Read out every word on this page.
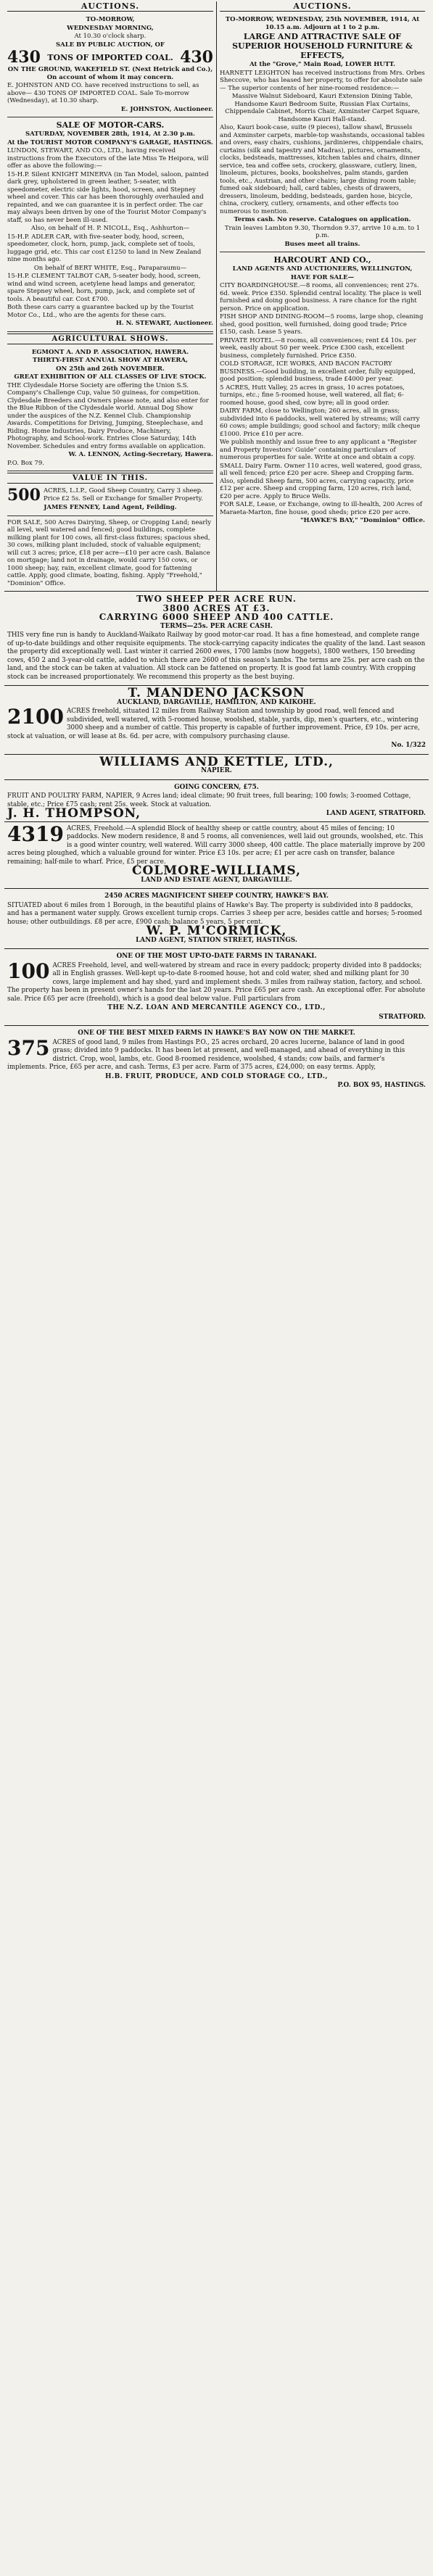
AUCTIONS.

TO-MORROW,

WEDNESDAY MORNING,

At 10.30 o'clock sharp.

SALE BY PUBLIC AUCTION, OF

430 TONS OF IMPORTED COAL. 430

ON THE GROUND, WAKEFIELD ST. (Next Hetrick and Co.), On account of whom it may concern.

E. JOHNSTON AND CO. have received instructions to sell, as above— 430 TONS OF IMPORTED COAL. Sale To-morrow (Wednesday), at 10.30 sharp.

E. JOHNSTON, Auctioneer.

SALE OF MOTOR-CARS.

SATURDAY, NOVEMBER 28th, 1914, At 2.30 p.m.

At the TOURIST MOTOR COMPANY'S GARAGE, HASTINGS.

LUNDON, STEWART, AND CO., LTD., having received instructions from the Executors of the late Miss Te Heipora, will offer as above the following:—

15-H.P. Silent KNIGHT MINERVA (in Tan Model, saloon, painted dark grey, upholstered in green leather, 5-seater, with speedometer, electric side lights, hood, screen, and Stepney wheel and cover. This car has been thoroughly overhauled and repainted, and we can guarantee it is in perfect order. The car may always been driven by one of the Tourist Motor Company's staff, so has never been ill-used.

Also, on behalf of H. P. NICOLL, Esq., Ashhurton—

15-H.P. ADLER CAR, with five-seater body, hood, screen, speedometer, clock, horn, pump, jack, complete set of tools, luggage grid, etc. This car cost £1250 to land in New Zealand nine months ago.

On behalf of BERT WHITE, Esq., Paraparaumu—

15-H.P. CLEMENT TALBOT CAR, 5-seater body, hood, screen, wind and wind screen, acetylene head lamps and generator, spare Stepney wheel, horn, pump, jack, and complete set of tools. A beautiful car. Cost £700.

Both these cars carry a guarantee backed up by the Tourist Motor Co., Ltd., who are the agents for these cars.

H. N. STEWART, Auctioneer.

AGRICULTURAL SHOWS.

EGMONT A. AND P. ASSOCIATION, HAWERA.

THIRTY-FIRST ANNUAL SHOW AT HAWERA,

ON 25th and 26th NOVEMBER.

GREAT EXHIBITION OF ALL CLASSES OF LIVE STOCK.

THE Clydesdale Horse Society are offering the Union S.S. Company's Challenge Cup, value 50 guineas, for competition. Clydesdale Breeders and Owners please note, and also enter for the Blue Ribbon of the Clydesdale world. Annual Dog Show under the auspices of the N.Z. Kennel Club. Championship Awards. Competitions for Driving, Jumping, Steeplechase, and Riding. Home Industries, Dairy Produce, Machinery, Photography, and School-work. Entries Close Saturday, 14th November. Schedules and entry forms available on application.

W. A. LENNON, Acting-Secretary, Hawera.

P.O. Box 79.

VALUE IN THIS.
500 ACRES, L.I.P., Good Sheep Country, Carry 3 sheep. Price £2 5s. Sell or Exchange for Smaller Property.

JAMES FENNEY, Land Agent, Feilding.

FOR SALE, 500 Acres Dairying, Sheep, or Cropping Land; nearly all level, well watered and fenced; good buildings, complete milking plant for 100 cows, all first-class fixtures; spacious shed, 30 cows, milking plant included, stock of valuable equipment; will cut 3 acres; price, £18 per acre—£10 per acre cash. Balance on mortgage; land not in drainage, would carry 150 cows, or 1000 sheep; hay, rain, excellent climate, good for fattening cattle. Apply, good climate, boating, fishing. Apply "Freehold," "Dominion" Office.

AUCTIONS.

TO-MORROW, WEDNESDAY, 25th NOVEMBER, 1914, At 10.15 a.m. Adjourn at 1 to 2 p.m.

LARGE AND ATTRACTIVE SALE OF SUPERIOR HOUSEHOLD FURNITURE & EFFECTS,

At the "Grove," Main Road, LOWER HUTT.

HARNETT LEIGHTON has received instructions from Mrs. Orbes Sheccove, who has leased her property, to offer for absolute sale— The superior contents of her nine-roomed residence:—

Massive Walnut Sideboard, Kauri Extension Dining Table, Handsome Kauri Bedroom Suite, Russian Flax Curtains, Chippendale Cabinet, Morris Chair, Axminster Carpet Square, Handsome Kauri Hall-stand.

Also, Kauri book-case, suite (9 pieces), tallow shawl, Brussels and Axminster carpets, marble-top washstands, occasional tables and overs, easy chairs, cushions, jardinieres, chippendale chairs, curtains (silk and tapestry and Madras), pictures, ornaments, clocks, bedsteads, mattresses, kitchen tables and chairs, dinner service, tea and coffee sets, crockery, glassware, cutlery, linen, linoleum, pictures, books, bookshelves, palm stands, garden tools, etc., Austrian, and other chairs; large dining room table; fumed oak sideboard; hall, card tables, chests of drawers, dressers, linoleum, bedding, bedsteads, garden hose, bicycle, china, crockery, cutlery, ornaments, and other effects too numerous to mention.

Terms cash. No reserve. Catalogues on application.

Train leaves Lambton 9.30, Thorndon 9.37, arrive 10 a.m. to 1 p.m.

Buses meet all trains.

HARCOURT AND CO.,

LAND AGENTS AND AUCTIONEERS, WELLINGTON,

HAVE FOR SALE—

CITY BOARDINGHOUSE.—8 rooms, all conveniences; rent 27s. 6d. week. Price £350. Splendid central locality. The place is well furnished and doing good business. A rare chance for the right person. Price on application.

FISH SHOP AND DINING-ROOM—5 rooms, large shop, cleaning shed, good position, well furnished, doing good trade; Price £150, cash. Lease 5 years.

PRIVATE HOTEL.—8 rooms, all conveniences; rent £4 10s. per week, easily about 50 per week. Price £300 cash, excellent business, completely furnished. Price £350.

COLD STORAGE, ICE WORKS, AND BACON FACTORY BUSINESS.—Good building, in excellent order, fully equipped, good position; splendid business, trade £4000 per year.

5 ACRES, Hutt Valley, 25 acres in grass, 10 acres potatoes, turnips, etc.; fine 5-roomed house, well watered, all flat; 6-roomed house, good shed, cow byre; all in good order.

DAIRY FARM, close to Wellington; 260 acres, all in grass; subdivided into 6 paddocks, well watered by streams; will carry 60 cows; ample buildings; good school and factory; milk cheque £1000. Price £10 per acre.

We publish monthly and issue free to any applicant a "Register and Property Investors' Guide" containing particulars of numerous properties for sale. Write at once and obtain a copy.

SMALL Dairy Farm. Owner 110 acres, well watered, good grass, all well fenced; price £20 per acre. Sheep and Cropping farm. Also, splendid Sheep farm, 500 acres, carrying capacity, price £12 per acre. Sheep and cropping farm, 120 acres, rich land, £20 per acre. Apply to Bruce Wells.

FOR SALE, Lease, or Exchange, owing to ill-health, 200 Acres of Maraeta-Marton, fine house, good sheds; price £20 per acre.

"HAWKE'S BAY," "Dominion" Office.

TWO SHEEP PER ACRE RUN.

3800 ACRES AT £3.

CARRYING 6000 SHEEP AND 400 CATTLE.

TERMS—25s. PER ACRE CASH.

THIS very fine run is handy to Auckland-Waikato Railway by good motor-car road. It has a fine homestead, and complete range of up-to-date buildings and other requisite equipments. The stock-carrying capacity indicates the quality of the land. Last season the property did exceptionally well. Last winter it carried 2600 ewes, 1700 lambs (now hoggets), 1800 wethers, 150 breeding cows, 450 2 and 3-year-old cattle, added to which there are 2600 of this season's lambs. The terms are 25s. per acre cash on the land, and the stock can be taken at valuation. All stock can be fattened on property. It is good fat lamb country. With cropping stock can be increased proportionately. We recommend this property as the best buying.

T. MANDENO JACKSON

AUCKLAND, DARGAVILLE, HAMILTON, AND KAIKOHE.

2100 ACRES freehold, situated 12 miles from Railway Station and township by good road, well fenced and subdivided, well watered, with 5-roomed house, woolshed, stable, yards, dip, men's quarters, etc., wintering 3000 sheep and a number of cattle. This property is capable of further improvement. Price, £9 10s. per acre, stock at valuation, or will lease at 8s. 6d. per acre, with compulsory purchasing clause.

No. 1/322

WILLIAMS AND KETTLE, LTD.,

NAPIER.

GOING CONCERN, £75.

FRUIT AND POULTRY FARM, NAPIER, 9 Acres land; ideal climate; 90 fruit trees, full bearing; 100 fowls; 3-roomed Cottage, stable, etc.; Price £75 cash; rent 25s. week. Stock at valuation.

J. H. THOMPSON,	LAND AGENT, STRATFORD.
4319 ACRES, Freehold.—A splendid Block of healthy sheep or cattle country, about 45 miles of fencing; 10 paddocks. New modern residence, 8 and 5 rooms, all conveniences, well laid out grounds, woolshed, etc. This is a good winter country, well watered. Will carry 3000 sheep, 400 cattle. The place materially improve by 200 acres being ploughed, which a valuable ground for winter. Price £3 10s. per acre; £1 per acre cash on transfer, balance remaining; half-mile to wharf. Price, £5 per acre.

COLMORE-WILLIAMS,

LAND AND ESTATE AGENT, DARGAVILLE.

2450 ACRES MAGNIFICENT SHEEP COUNTRY, HAWKE'S BAY.

SITUATED about 6 miles from 1 Borough, in the beautiful plains of Hawke's Bay. The property is subdivided into 8 paddocks, and has a permanent water supply. Grows excellent turnip crops. Carries 3 sheep per acre, besides cattle and horses; 5-roomed house; other outbuildings. £8 per acre, £900 cash; balance 5 years, 5 per cent.

W. P. M'CORMICK,

LAND AGENT, STATION STREET, HASTINGS.

ONE OF THE MOST UP-TO-DATE FARMS IN TARANAKI.

100 ACRES Freehold, level, and well-watered by stream and race in every paddock; property divided into 8 paddocks; all in English grasses. Well-kept up-to-date 8-roomed house, hot and cold water, shed and milking plant for 30 cows, large implement and hay shed, yard and implement sheds. 3 miles from railway station, factory, and school. The property has been in present owner's hands for the last 20 years. Price £65 per acre cash. An exceptional offer. For absolute sale. Price £65 per acre (freehold), which is a good deal below value. Full particulars from

THE N.Z. LOAN AND MERCANTILE AGENCY CO., LTD.,

STRATFORD.

ONE OF THE BEST MIXED FARMS IN HAWKE'S BAY NOW ON THE MARKET.

375 ACRES of good land, 9 miles from Hastings P.O., 25 acres orchard, 20 acres lucerne, balance of land in good grass; divided into 9 paddocks. It has been let at present, and well-managed, and ahead of everything in this district. Crop, wool, lambs, etc. Good 8-roomed residence, woolshed, 4 stands; cow bails, and farmer's implements. Price, £65 per acre, and cash. Terms, £3 per acre. Farm of 375 acres, £24,000; on easy terms. Apply,

H.B. FRUIT, PRODUCE, AND COLD STORAGE CO., LTD.,

P.O. BOX 95, HASTINGS.
